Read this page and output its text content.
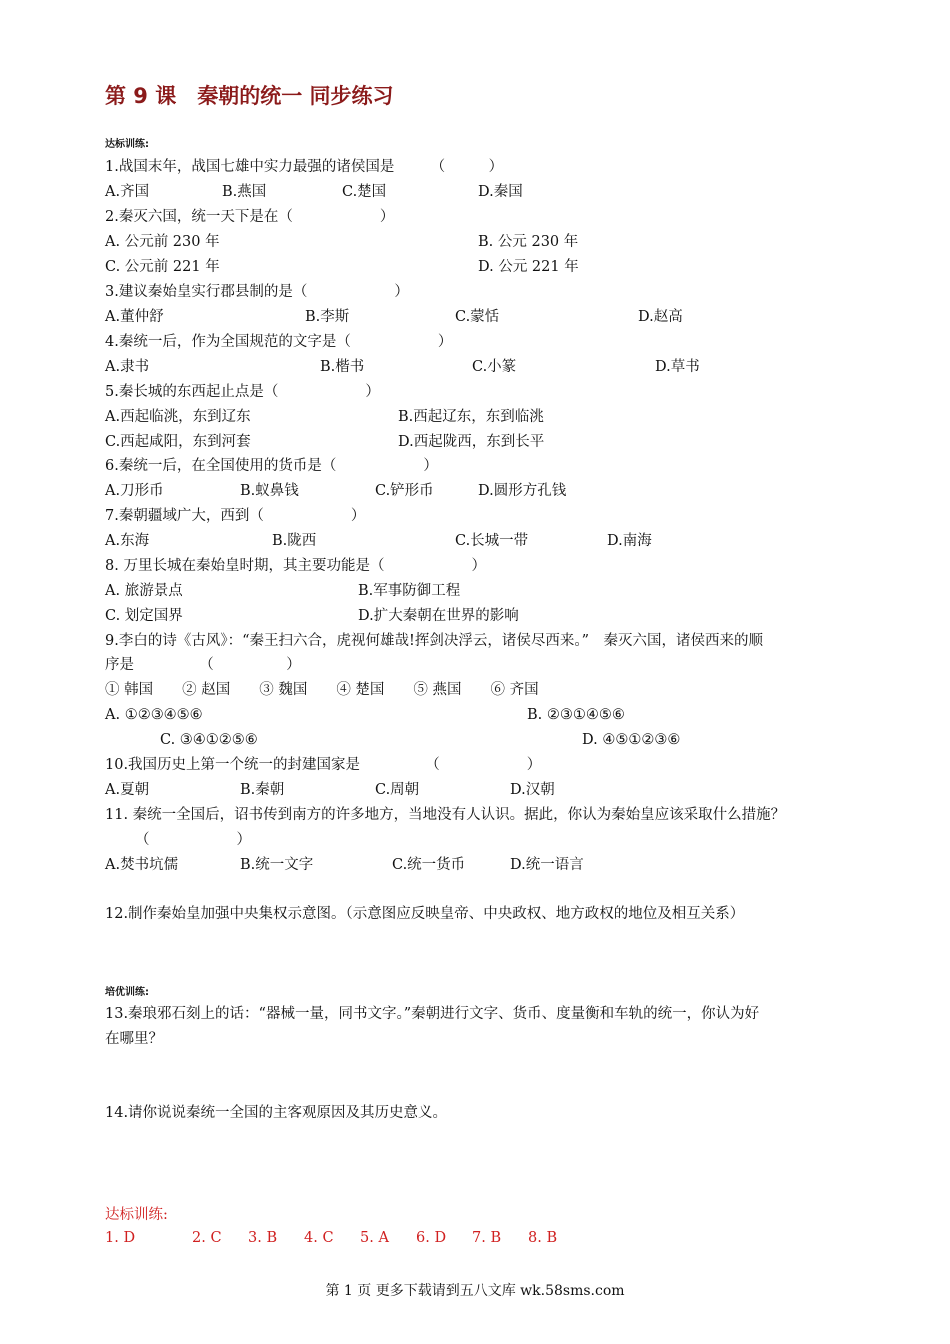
第 9 课　秦朝的统一 同步练习
达标训练:
1.战国末年，战国七雄中实力最强的诸侯国是　　　（　　　）
A.齐国	B.燕国	C.楚国	D.秦国
2.秦灭六国，统一天下是在（　　　　　　）
A. 公元前 230 年	B. 公元 230 年
C. 公元前 221 年	D. 公元 221 年
3.建议秦始皇实行郡县制的是（　　　　　　）
A.董仲舒	B.李斯	C.蒙恬	D.赵高
4.秦统一后，作为全国规范的文字是（　　　　　　）
A.隶书	B.楷书	C.小篆	D.草书
5.秦长城的东西起止点是（　　　　　　）
A.西起临洮，东到辽东	B.西起辽东，东到临洮
C.西起咸阳，东到河套	D.西起陇西，东到长平
6.秦统一后，在全国使用的货币是（　　　　　　）
A.刀形币	B.蚁鼻钱	C.铲形币	D.圆形方孔钱
7.秦朝疆域广大，西到（　　　　　　）
A.东海	B.陇西	C.长城一带	D.南海
8. 万里长城在秦始皇时期，其主要功能是（　　　　　　）
A. 旅游景点	B.军事防御工程
C. 划定国界	D.扩大秦朝在世界的影响
9.李白的诗《古风》：“秦王扫六合，虎视何雄哉!挥剑决浮云，诸侯尽西来。”　秦灭六国，诸侯西来的顺
序是　　　　　（　　　　　）
① 韩国　　② 赵国　　③ 魏国　　④ 楚国　　⑤ 燕国　　⑥ 齐国
A. ①②③④⑤⑥	B. ②③①④⑤⑥
C. ③④①②⑤⑥	D. ④⑤①②③⑥
10.我国历史上第一个统一的封建国家是　　　　　（　　　　　　）
A.夏朝	B.秦朝	C.周朝	D.汉朝
11. 秦统一全国后，诏书传到南方的许多地方，当地没有人认识。据此，你认为秦始皇应该采取什么措施？
（　　　　　　）
A.焚书坑儒	B.统一文字	C.统一货币	D.统一语言
12.制作秦始皇加强中央集权示意图。（示意图应反映皇帝、中央政权、地方政权的地位及相互关系）
培优训练:
13.秦琅邪石刻上的话：“器械一量，同书文字。”秦朝进行文字、货币、度量衡和车轨的统一，你认为好
在哪里？
14.请你说说秦统一全国的主客观原因及其历史意义。
达标训练:
1. D	2. C 3. B 4. C 5. A 6. D 7. B 8. B
第 1 页 更多下载请到五八文库 wk.58sms.com
